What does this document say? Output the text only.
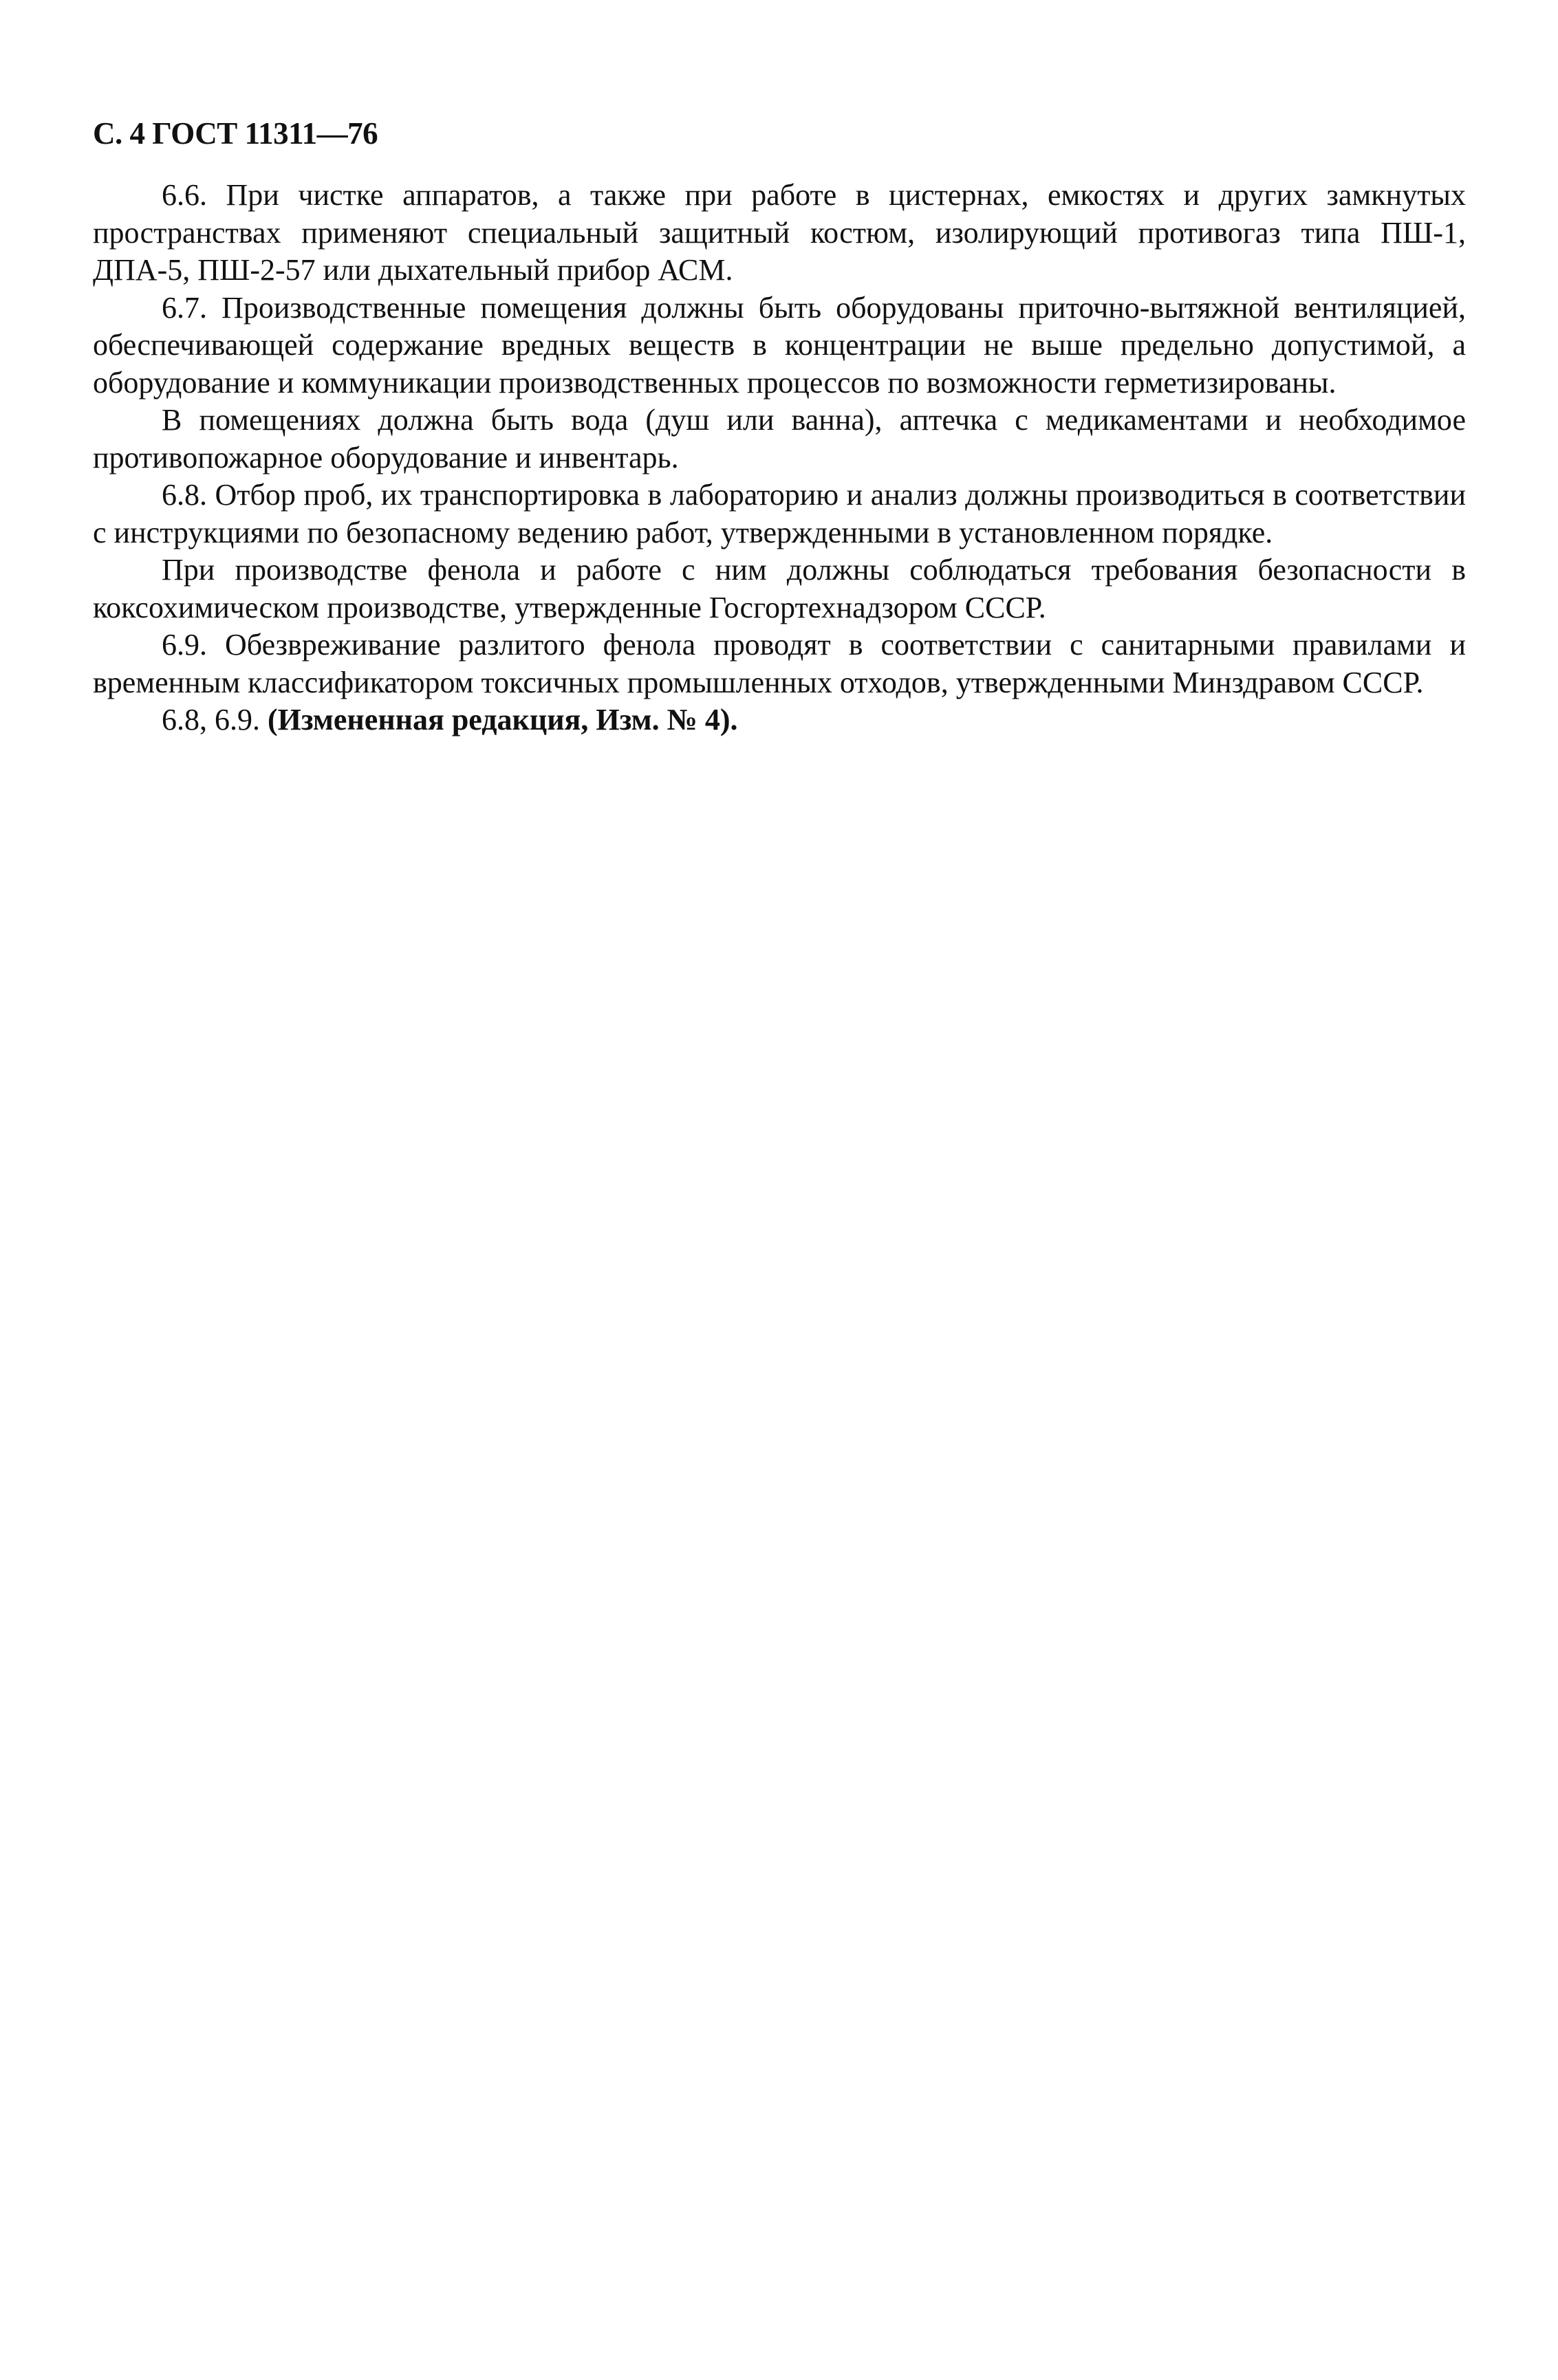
С. 4 ГОСТ 11311—76

6.6. При чистке аппаратов, а также при работе в цистернах, емкостях и других замкнутых пространствах применяют специальный защитный костюм, изолирующий противогаз типа ПШ-1, ДПА-5, ПШ-2-57 или дыхательный прибор АСМ.

6.7. Производственные помещения должны быть оборудованы приточно-вытяжной вентиляцией, обеспечивающей содержание вредных веществ в концентрации не выше предельно допустимой, а оборудование и коммуникации производственных процессов по возможности герметизированы.

В помещениях должна быть вода (душ или ванна), аптечка с медикаментами и необходимое противопожарное оборудование и инвентарь.

6.8. Отбор проб, их транспортировка в лабораторию и анализ должны производиться в соответствии с инструкциями по безопасному ведению работ, утвержденными в установленном порядке.

При производстве фенола и работе с ним должны соблюдаться требования безопасности в коксохимическом производстве, утвержденные Госгортехнадзором СССР.

6.9. Обезвреживание разлитого фенола проводят в соответствии с санитарными правилами и временным классификатором токсичных промышленных отходов, утвержденными Минздравом СССР.

6.8, 6.9. (Измененная редакция, Изм. № 4).
